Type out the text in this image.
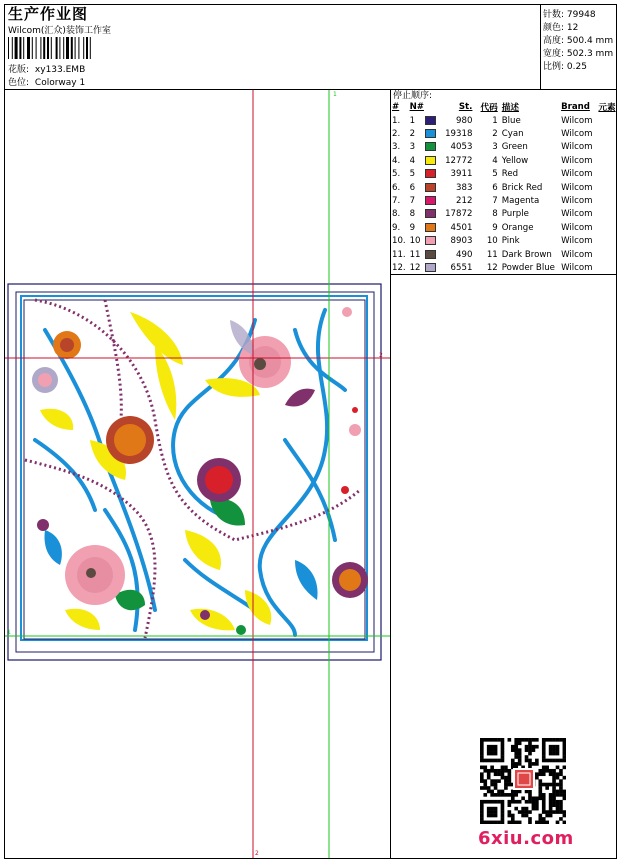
生产作业图
Wilcom(汇众)装饰工作室
花版: xy133.EMB
色位: Colorway 1
针数: 79948
颜色: 12
高度: 500.4 mm
宽度: 502.3 mm
比例: 0.25
停止顺序:
#	N#		St.	代码	描述	Brand	元素
1.	1		980	1	Blue	Wilcom	
2.	2		19318	2	Cyan	Wilcom	
3.	3		4053	3	Green	Wilcom	
4.	4		12772	4	Yellow	Wilcom	
5.	5		3911	5	Red	Wilcom	
6.	6		383	6	Brick Red	Wilcom	
7.	7		212	7	Magenta	Wilcom	
8.	8		17872	8	Purple	Wilcom	
9.	9		4501	9	Orange	Wilcom	
10.	10		8903	10	Pink	Wilcom	
11.	11		490	11	Dark Brown	Wilcom	
12.	12		6551	12	Powder Blue	Wilcom	
1
2
2
1
6xiu.com
